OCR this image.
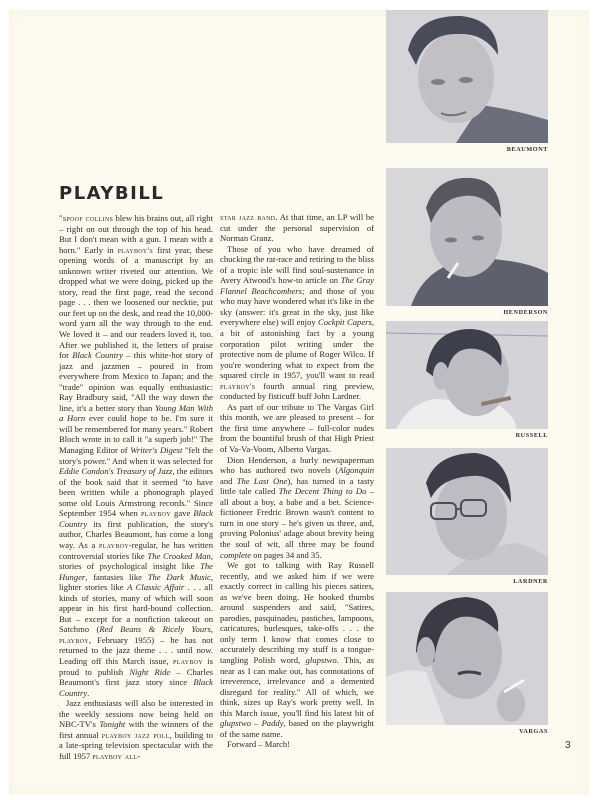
PLAYBILL

"spoof collins blew his brains out, all right – right on out through the top of his head. But I don't mean with a gun. I mean with a horn." Early in playboy's first year, these opening words of a manuscript by an unknown writer riveted our attention. We dropped what we were doing, picked up the story, read the first page, read the second page . . . then we loosened our necktie, put our feet up on the desk, and read the 10,000-word yarn all the way through to the end. We loved it – and our readers loved it, too. After we published it, the letters of praise for Black Country – this white-hot story of jazz and jazzmen – poured in from everywhere from Mexico to Japan; and the "trade" opinion was equally enthusiastic: Ray Bradbury said, "All the way down the line, it's a better story than Young Man With a Horn ever could hope to be. I'm sure it will be remembered for many years." Robert Bloch wrote in to call it "a superb job!" The Managing Editor of Writer's Digest "felt the story's power." And when it was selected for Eddie Condon's Treasury of Jazz, the editors of the book said that it seemed "to have been written while a phonograph played some old Louis Armstrong records." Since September 1954 when playboy gave Black Country its first publication, the story's author, Charles Beaumont, has come a long way. As a playboy-regular, he has written controversial stories like The Crooked Man, stories of psychological insight like The Hunger, fantasies like The Dark Music, lighter stories like A Classic Affair . . . all kinds of stories, many of which will soon appear in his first hard-bound collection. But – except for a nonfiction takeout on Satchmo (Red Beans & Ricely Yours, playboy, February 1955) – he has not returned to the jazz theme . . . until now. Leading off this March issue, playboy is proud to publish Night Ride – Charles Beaumont's first jazz story since Black Country.

Jazz enthusiasts will also be interested in the weekly sessions now being held on NBC-TV's Tonight with the winners of the first annual playboy jazz poll, building to a late-spring television spectacular with the full 1957 playboy all-

star jazz band. At that time, an LP will be cut under the personal supervision of Norman Granz.

Those of you who have dreamed of chucking the rat-race and retiring to the bliss of a tropic isle will find soul-sustenance in Avery Atwood's how-to article on The Gray Flannel Beachcombers; and those of you who may have wondered what it's like in the sky (answer: it's great in the sky, just like everywhere else) will enjoy Cockpit Capers, a bit of astonishing fact by a young corporation pilot writing under the protective nom de plume of Roger Wilco. If you're wondering what to expect from the squared circle in 1957, you'll want to read playboy's fourth annual ring preview, conducted by fisticuff buff John Lardner.

As part of our tribute to The Vargas Girl this month, we are pleased to present – for the first time anywhere – full-color nudes from the bountiful brush of that High Priest of Va-Va-Voom, Alberto Vargas.

Dion Henderson, a burly newspaperman who has authored two novels (Algonquin and The Last One), has turned in a tasty little tale called The Decent Thing to Do – all about a boy, a babe and a bet. Science-fictioneer Fredric Brown wasn't content to turn in one story – he's given us three, and, proving Polonius' adage about brevity being the soul of wit, all three may be found complete on pages 34 and 35.

We got to talking with Ray Russell recently, and we asked him if we were exactly correct in calling his pieces satires, as we've been doing. He hooked thumbs around suspenders and said, "Satires, parodies, pasquinades, pastiches, lampoons, caricatures, burlesques, take-offs . . . the only term I know that comes close to accurately describing my stuff is a tongue-tangling Polish word, glupstwo. This, as near as I can make out, has connotations of irreverence, irrelevance and a demented disregard for reality." All of which, we think, sizes up Ray's work pretty well. In this March issue, you'll find his latest bit of glupstwo – Paddy, based on the playwright of the same name.

Forward – March!

BEAUMONT
HENDERSON
RUSSELL
LARDNER
VARGAS
3
